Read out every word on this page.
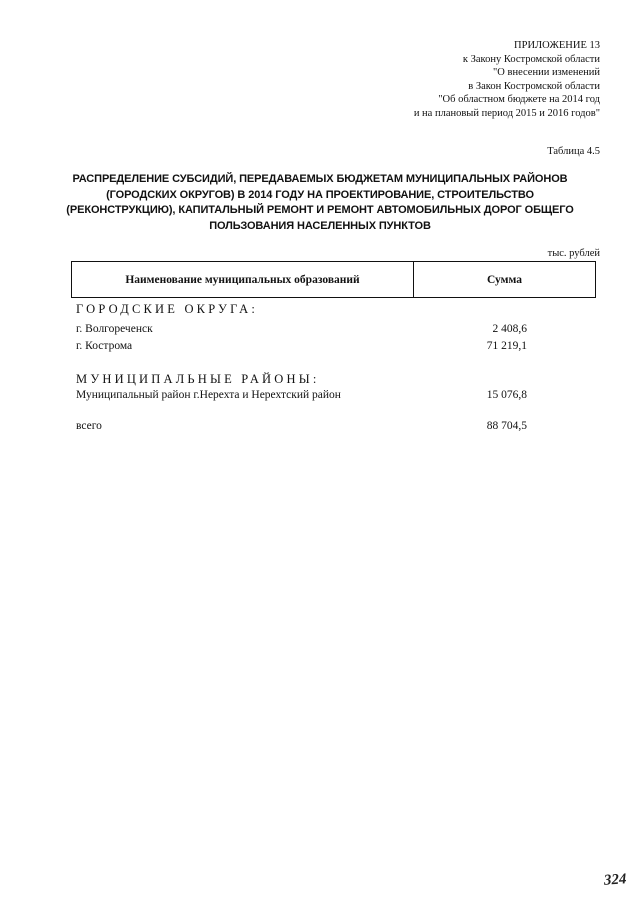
ПРИЛОЖЕНИЕ 13
к Закону Костромской области
"О внесении изменений
в Закон Костромской области
"Об областном бюджете на 2014 год
и на плановый период 2015 и 2016 годов"
Таблица 4.5
РАСПРЕДЕЛЕНИЕ СУБСИДИЙ, ПЕРЕДАВАЕМЫХ БЮДЖЕТАМ МУНИЦИПАЛЬНЫХ РАЙОНОВ
(ГОРОДСКИХ ОКРУГОВ) В 2014 ГОДУ НА ПРОЕКТИРОВАНИЕ, СТРОИТЕЛЬСТВО
(РЕКОНСТРУКЦИЮ), КАПИТАЛЬНЫЙ РЕМОНТ И РЕМОНТ АВТОМОБИЛЬНЫХ ДОРОГ ОБЩЕГО
ПОЛЬЗОВАНИЯ НАСЕЛЕННЫХ ПУНКТОВ
тыс. рублей
Наименование муниципальных образований	Сумма
ГОРОДСКИЕ ОКРУГА:
г. Волгореченск	2 408,6
г. Кострома	71 219,1
МУНИЦИПАЛЬНЫЕ РАЙОНЫ:
Муниципальный район г.Нерехта и Нерехтский район	15 076,8
всего	88 704,5
324
